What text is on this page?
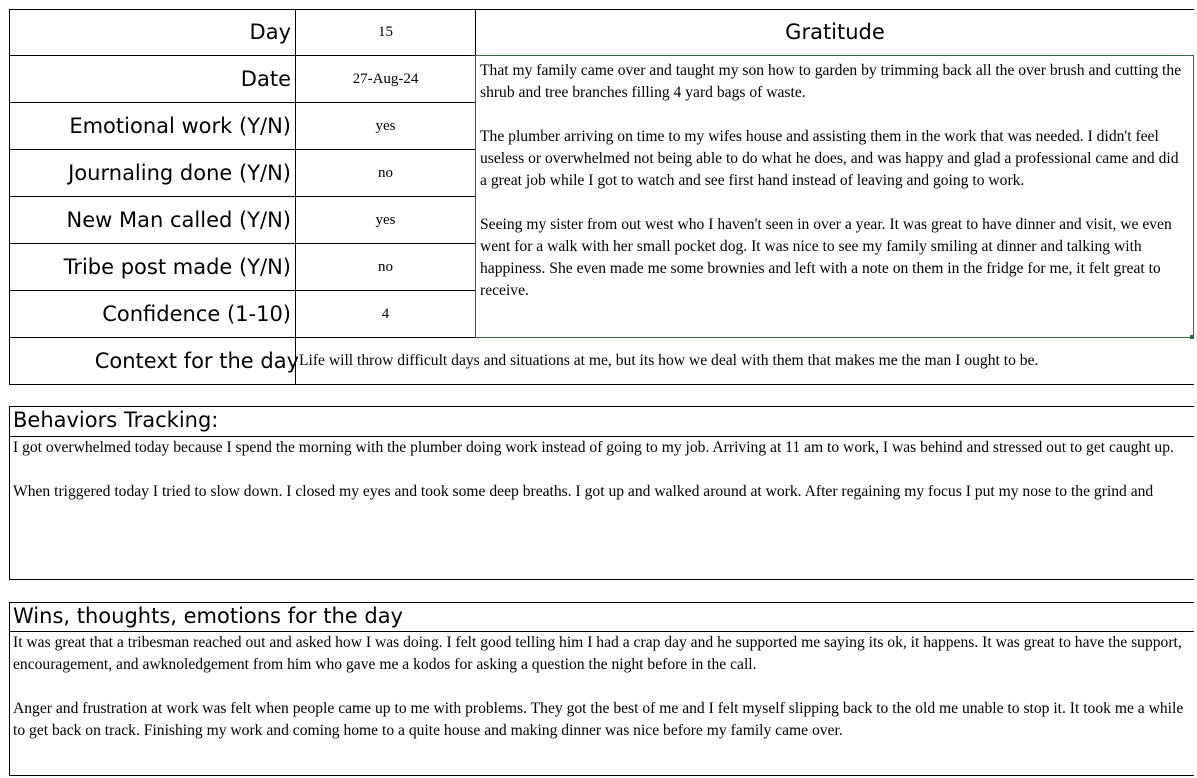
Day
Date
Emotional work (Y/N)
Journaling done (Y/N)
New Man called (Y/N)
Tribe post made (Y/N)
Confidence (1-10)
Context for the day
15
27-Aug-24
yes
no
yes
no
4
Life will throw difficult days and situations at me, but its how we deal with them that makes me the man I ought to be.
Gratitude

That my family came over and taught my son how to garden by trimming back all the over brush and cutting the shrub and tree branches filling 4 yard bags of waste.

The plumber arriving on time to my wifes house and assisting them in the work that was needed. I didn't feel useless or overwhelmed not being able to do what he does, and was happy and glad a professional came and did a great job while I got to watch and see first hand instead of leaving and going to work.

Seeing my sister from out west who I haven't seen in over a year. It was great to have dinner and visit, we even went for a walk with her small pocket dog. It was nice to see my family smiling at dinner and talking with happiness. She even made me some brownies and left with a note on them in the fridge for me, it felt great to receive.

Behaviors Tracking:

I got overwhelmed today because I spend the morning with the plumber doing work instead of going to my job. Arriving at 11 am to work, I was behind and stressed out to get caught up.

When triggered today I tried to slow down. I closed my eyes and took some deep breaths. I got up and walked around at work. After regaining my focus I put my nose to the grind and

Wins, thoughts, emotions for the day

It was great that a tribesman reached out and asked how I was doing. I felt good telling him I had a crap day and he supported me saying its ok, it happens. It was great to have the support, encouragement, and awknoledgement from him who gave me a kodos for asking a question the night before in the call.

Anger and frustration at work was felt when people came up to me with problems. They got the best of me and I felt myself slipping back to the old me unable to stop it. It took me a while to get back on track. Finishing my work and coming home to a quite house and making dinner was nice before my family came over.
